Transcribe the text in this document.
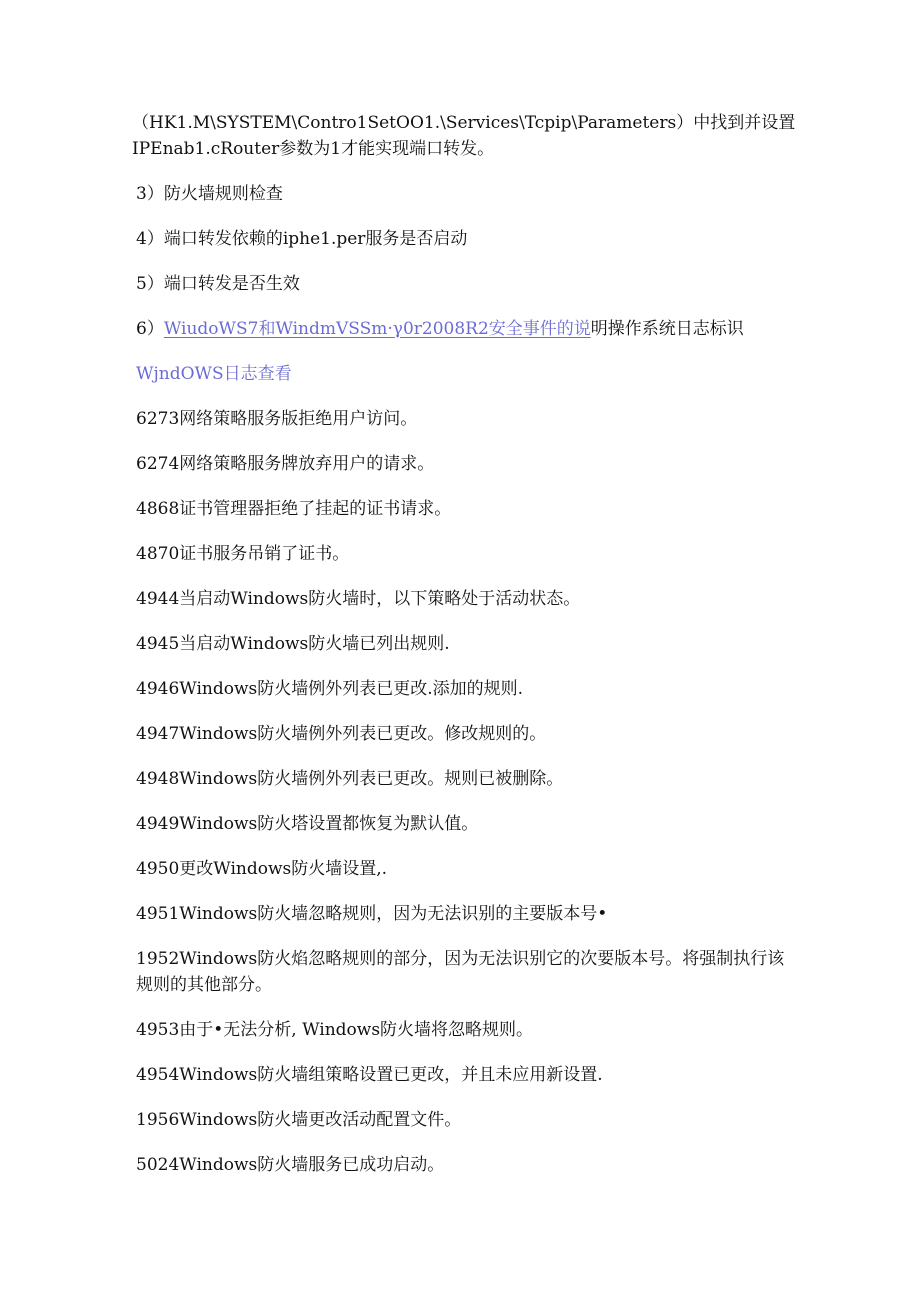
（HK1.M\SYSTEM\Contro1SetOO1.\Services\Tcpip\Parameters）中找到并设置
IPEnab1.cRouter参数为1才能实现端口转发。

3）防火墙规则检查

4）端口转发依赖的iphe1.per服务是否启动

5）端口转发是否生效

6）WiudoWS7和WindmVSSm·γ0r2008R2安全事件的说明操作系统日志标识

WjndOWS日志查看

6273网络策略服务版拒绝用户访问。

6274网络策略服务牌放弃用户的请求。

4868证书管理器拒绝了挂起的证书请求。

4870证书服务吊销了证书。

4944当启动Windows防火墙时，以下策略处于活动状态。

4945当启动Windows防火墙已列出规则.

4946Windows防火墙例外列表已更改.添加的规则.

4947Windows防火墙例外列表已更改。修改规则的。

4948Windows防火墙例外列表已更改。规则已被删除。

4949Windows防火塔设置都恢复为默认值。

4950更改Windows防火墙设置,.

4951Windows防火墙忽略规则，因为无法识别的主要版本号•

1952Windows防火焰忽略规则的部分，因为无法识别它的次要版本号。将强制执行该规则的其他部分。

4953由于•无法分析, Windows防火墙将忽略规则。

4954Windows防火墙组策略设置已更改，并且未应用新设置.

1956Windows防火墙更改活动配置文件。

5024Windows防火墙服务已成功启动。
